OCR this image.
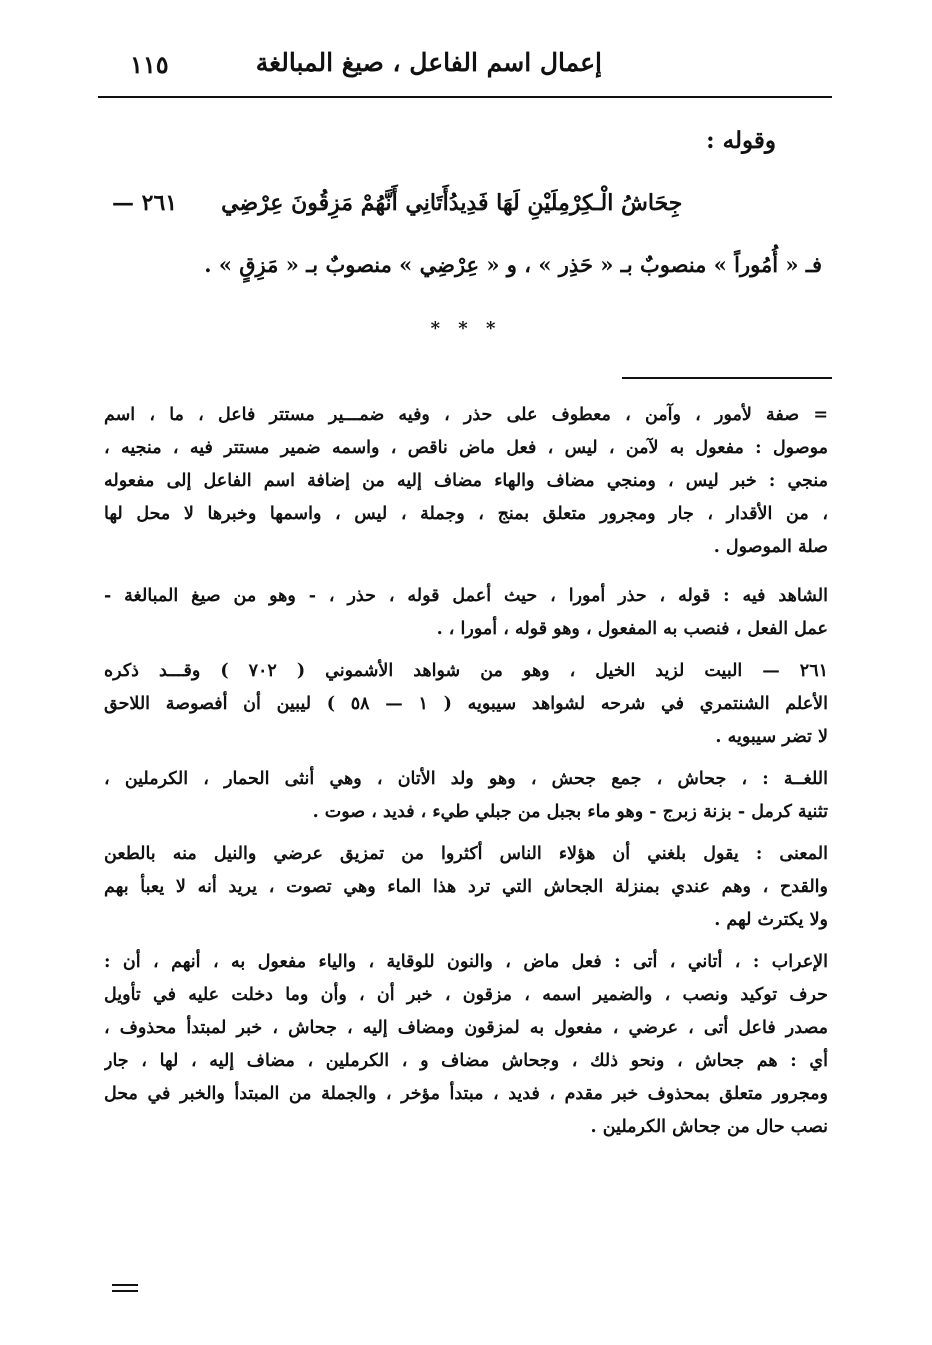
١١٥	إعمال اسم الفاعل ، صيغ المبالغة
وقوله :
٢٦١ — أَتَانِي أَنَّهُمْ مَزِقُونَ عِرْضِي جِحَاشُ الْـكِرْمِلَيْنِ لَهَا فَدِيدُ
فـ « أُمُوراً » منصوبٌ بـ « حَذِر » ، و « عِرْضِي » منصوبٌ بـ « مَزِقٍ » .
* * *
= صفة لأمور ، وآمن ، معطوف على حذر ، وفيه ضمـــير مستتر فاعل ، ما ، اسم
موصول : مفعول به لآمن ، ليس ، فعل ماض ناقص ، واسمه ضمير مستتر فيه ، منجيه ،
منجي : خبر ليس ، ومنجي مضاف والهاء مضاف إليه من إضافة اسم الفاعل إلى مفعوله
، من الأقدار ، جار ومجرور متعلق بمنج ، وجملة ، ليس ، واسمها وخبرها لا محل لها
صلة الموصول .
الشاهد فيه : قوله ، حذر أمورا ، حيث أعمل قوله ، حذر ، - وهو من صيغ المبالغة -
عمل الفعل ، فنصب به المفعول ، وهو قوله ، أمورا ، .
٢٦١ — البيت لزيد الخيل ، وهو من شواهد الأشموني ( ٧٠٢ ) وقـــد ذكره
الأعلم الشنتمري في شرحه لشواهد سيبويه ( ١ — ٥٨ ) ليبين أن أفصوصة اللاحق
لا تضر سيبويه .
اللغــة : ، جحاش ، جمع جحش ، وهو ولد الأتان ، وهي أنثى الحمار ، الكرملين ،
تثنية كرمل - بزنة زبرج - وهو ماء بجبل من جبلي طيء ، فديد ، صوت .
المعنى : يقول بلغني أن هؤلاء الناس أكثروا من تمزيق عرضي والنيل منه بالطعن
والقدح ، وهم عندي بمنزلة الجحاش التي ترد هذا الماء وهي تصوت ، يريد أنه لا يعبأ بهم
ولا يكترث لهم .
الإعراب : ، أتاني ، أتى : فعل ماض ، والنون للوقاية ، والياء مفعول به ، أنهم ، أن :
حرف توكيد ونصب ، والضمير اسمه ، مزقون ، خبر أن ، وأن وما دخلت عليه في تأويل
مصدر فاعل أتى ، عرضي ، مفعول به لمزقون ومضاف إليه ، جحاش ، خبر لمبتدأ محذوف ،
أي : هم جحاش ، ونحو ذلك ، وجحاش مضاف و ، الكرملين ، مضاف إليه ، لها ، جار
ومجرور متعلق بمحذوف خبر مقدم ، فديد ، مبتدأ مؤخر ، والجملة من المبتدأ والخبر في محل
نصب حال من جحاش الكرملين .
